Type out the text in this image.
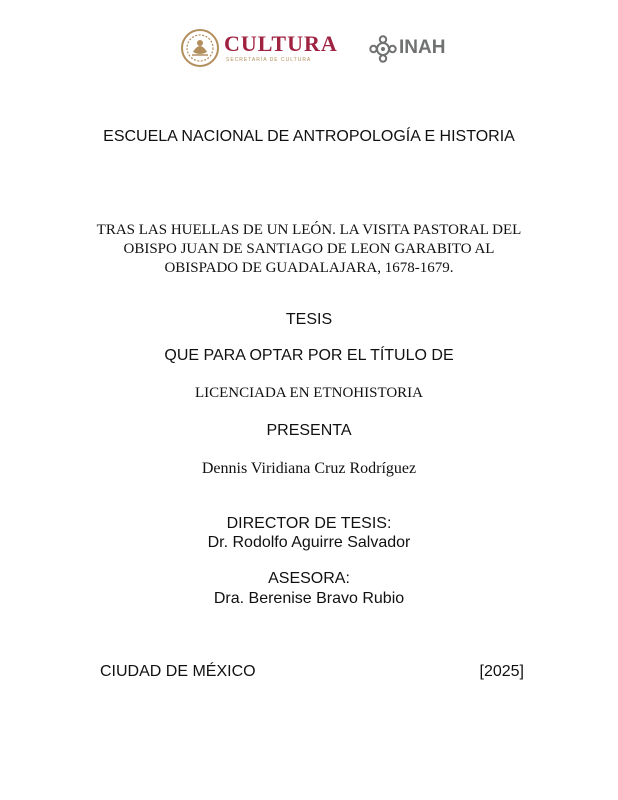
CULTURA
SECRETARÍA DE CULTURA
INAH
ESCUELA NACIONAL DE ANTROPOLOGÍA E HISTORIA
TRAS LAS HUELLAS DE UN LEÓN. LA VISITA PASTORAL DEL
OBISPO JUAN DE SANTIAGO DE LEON GARABITO AL
OBISPADO DE GUADALAJARA, 1678-1679.
TESIS
QUE PARA OPTAR POR EL TÍTULO DE
LICENCIADA EN ETNOHISTORIA
PRESENTA
Dennis Viridiana Cruz Rodríguez
DIRECTOR DE TESIS:
Dr. Rodolfo Aguirre Salvador
ASESORA:
Dra. Berenise Bravo Rubio
CIUDAD DE MÉXICO	[2025]
